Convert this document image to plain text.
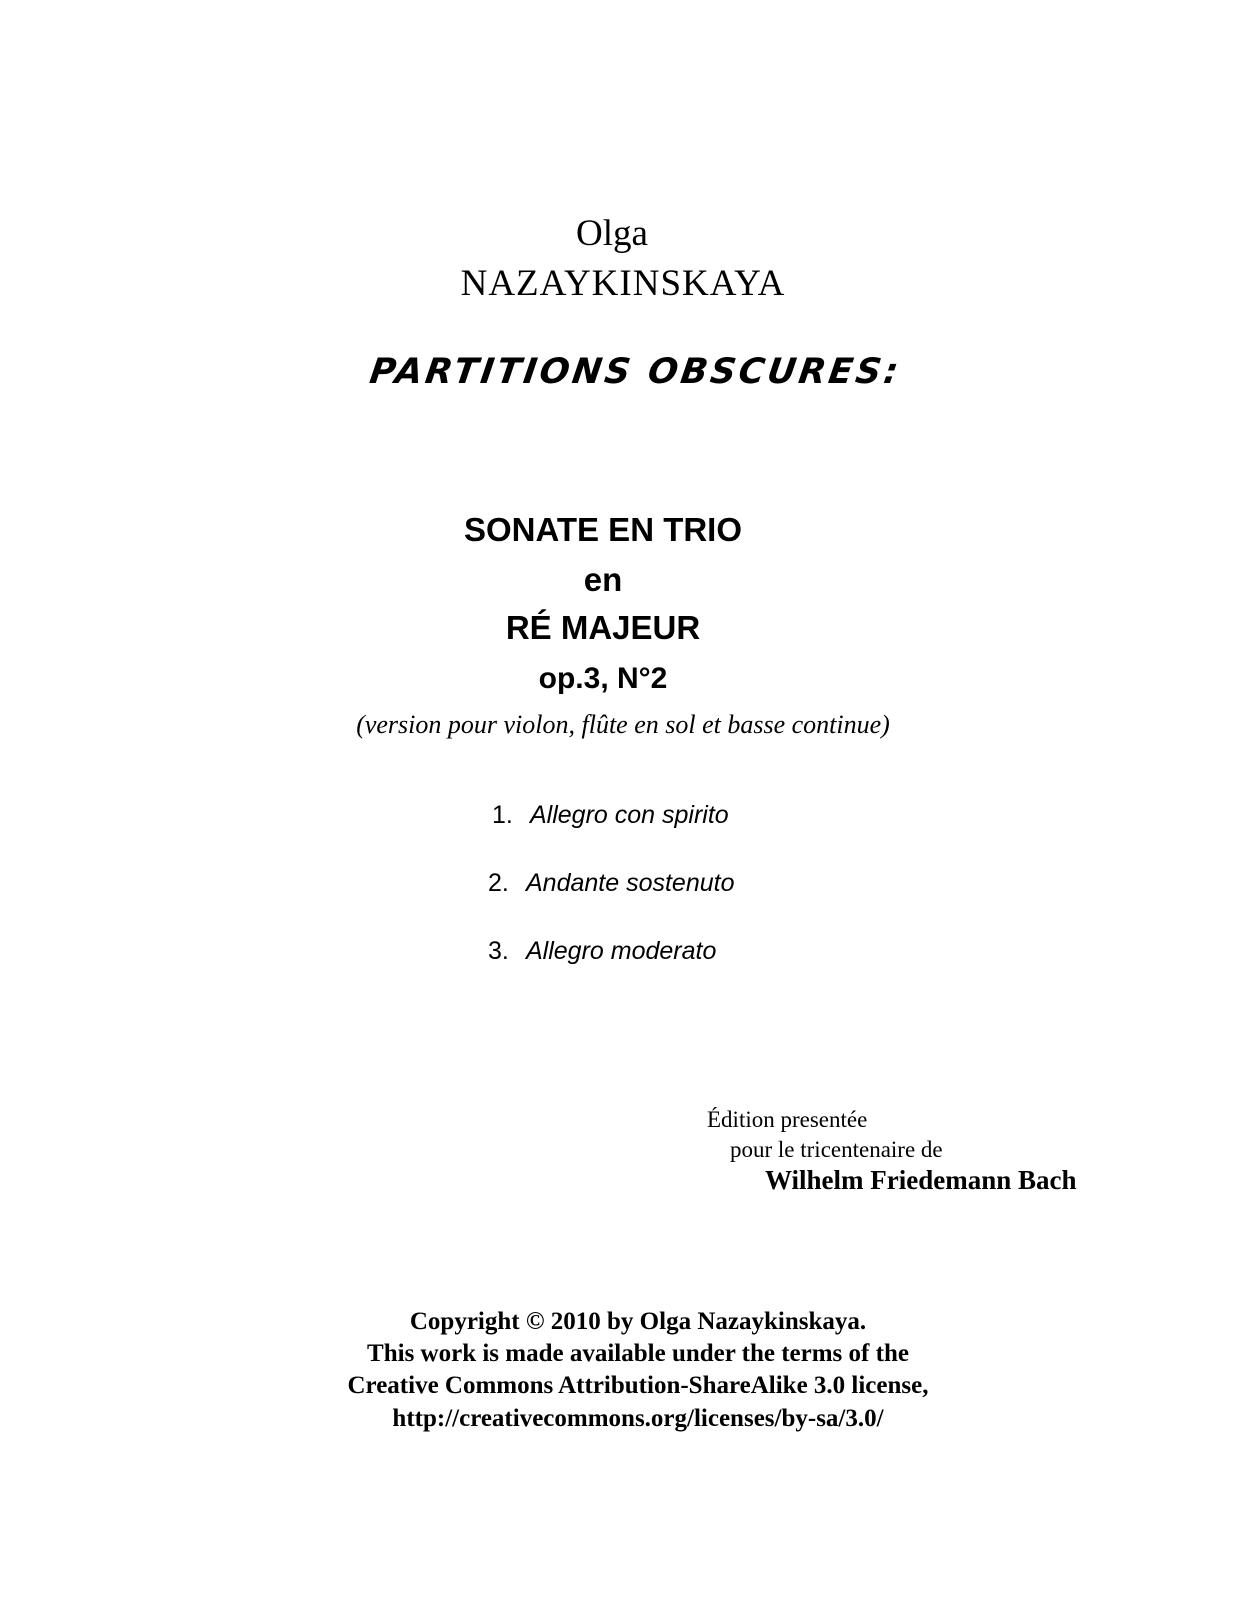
Olga
NAZAYKINSKAYA
PARTITIONS OBSCURES:
SONATE EN TRIO
en
RÉ MAJEUR
op.3, N°2
(version pour violon, flûte en sol et basse continue)
1. Allegro con spirito
2. Andante sostenuto
3. Allegro moderato
Édition presentée
pour le tricentenaire de
Wilhelm Friedemann Bach
Copyright © 2010 by Olga Nazaykinskaya.
This work is made available under the terms of the
Creative Commons Attribution-ShareAlike 3.0 license,
http://creativecommons.org/licenses/by-sa/3.0/
